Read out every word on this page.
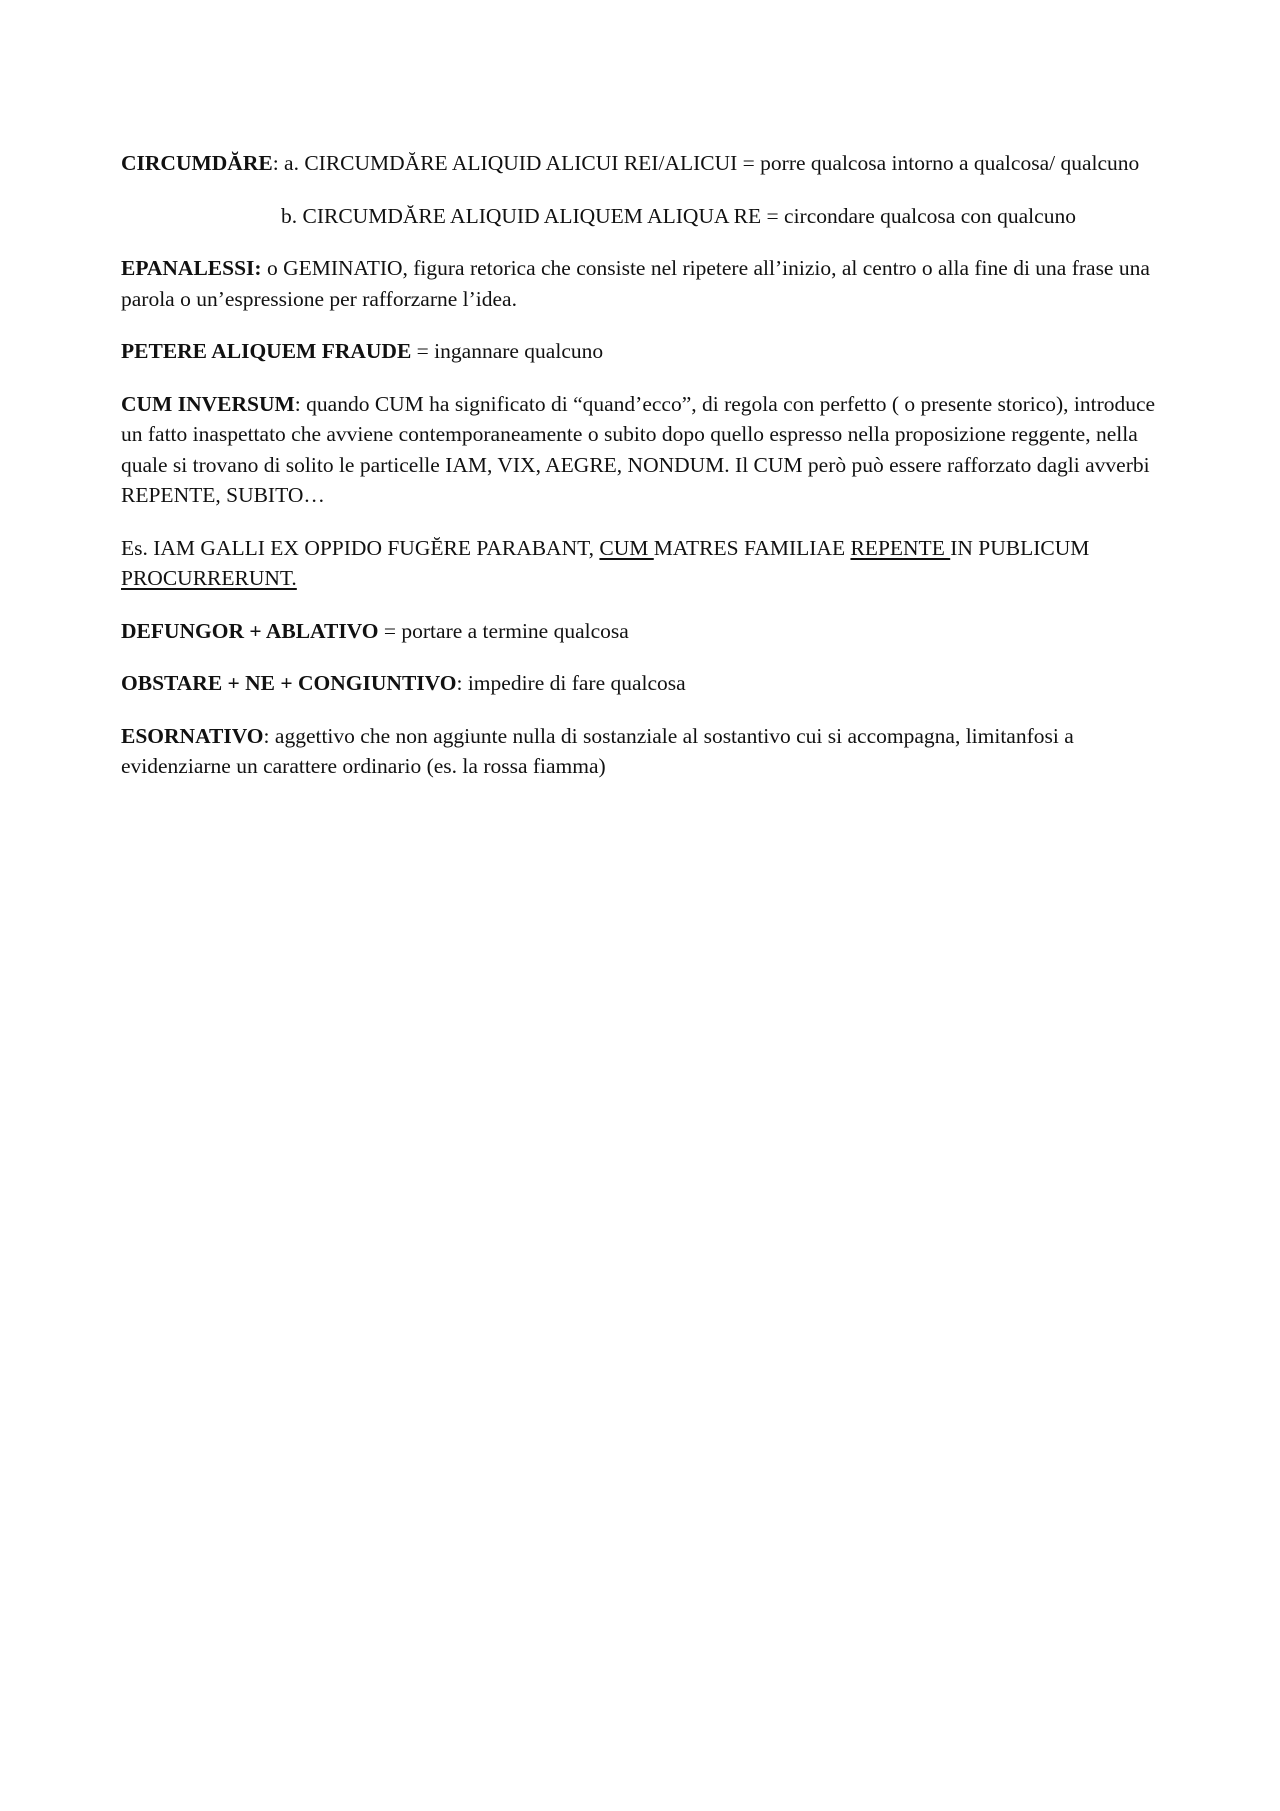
CIRCUMDĂRE: a. CIRCUMDĂRE ALIQUID ALICUI REI/ALICUI = porre qualcosa intorno a qualcosa/ qualcuno

b. CIRCUMDĂRE ALIQUID ALIQUEM ALIQUA RE = circondare qualcosa con qualcuno

EPANALESSI: o GEMINATIO, figura retorica che consiste nel ripetere all’inizio, al centro o alla fine di una frase una parola o un’espressione per rafforzarne l’idea.

PETERE ALIQUEM FRAUDE = ingannare qualcuno

CUM INVERSUM: quando CUM ha significato di “quand’ecco”, di regola con perfetto ( o presente storico), introduce un fatto inaspettato che avviene contemporaneamente o subito dopo quello espresso nella proposizione reggente, nella quale si trovano di solito le particelle IAM, VIX, AEGRE, NONDUM. Il CUM però può essere rafforzato dagli avverbi REPENTE, SUBITO…

Es. IAM GALLI EX OPPIDO FUGĔRE PARABANT, CUM MATRES FAMILIAE REPENTE IN PUBLICUM PROCURRERUNT.

DEFUNGOR + ABLATIVO = portare a termine qualcosa

OBSTARE + NE + CONGIUNTIVO: impedire di fare qualcosa

ESORNATIVO: aggettivo che non aggiunte nulla di sostanziale al sostantivo cui si accompagna, limitanfosi a evidenziarne un carattere ordinario (es. la rossa fiamma)
